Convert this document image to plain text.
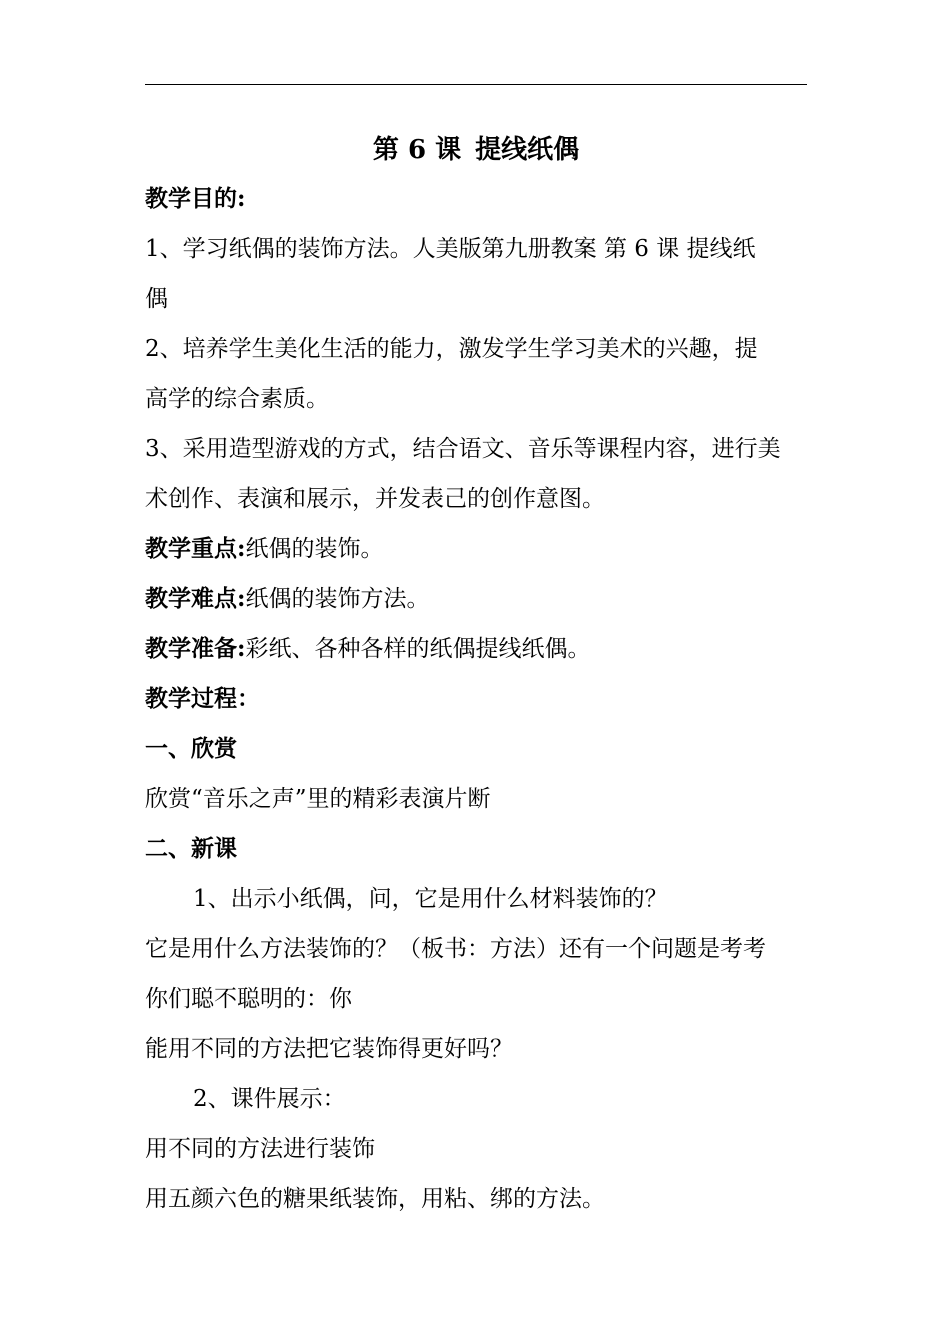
第 6 课 提线纸偶
教学目的:
1、学习纸偶的装饰方法。人美版第九册教案 第 6 课 提线纸
偶
2、培养学生美化生活的能力，激发学生学习美术的兴趣，提
高学的综合素质。
3、采用造型游戏的方式，结合语文、音乐等课程内容，进行美
术创作、表演和展示，并发表己的创作意图。
教学重点:纸偶的装饰。
教学难点:纸偶的装饰方法。
教学准备:彩纸、各种各样的纸偶提线纸偶。
教学过程：
一、欣赏
欣赏“音乐之声”里的精彩表演片断
二、新课
1、出示小纸偶，问，它是用什么材料装饰的？
它是用什么方法装饰的？（板书：方法）还有一个问题是考考
你们聪不聪明的：你
能用不同的方法把它装饰得更好吗？
2、课件展示：
用不同的方法进行装饰
用五颜六色的糖果纸装饰，用粘、绑的方法。
